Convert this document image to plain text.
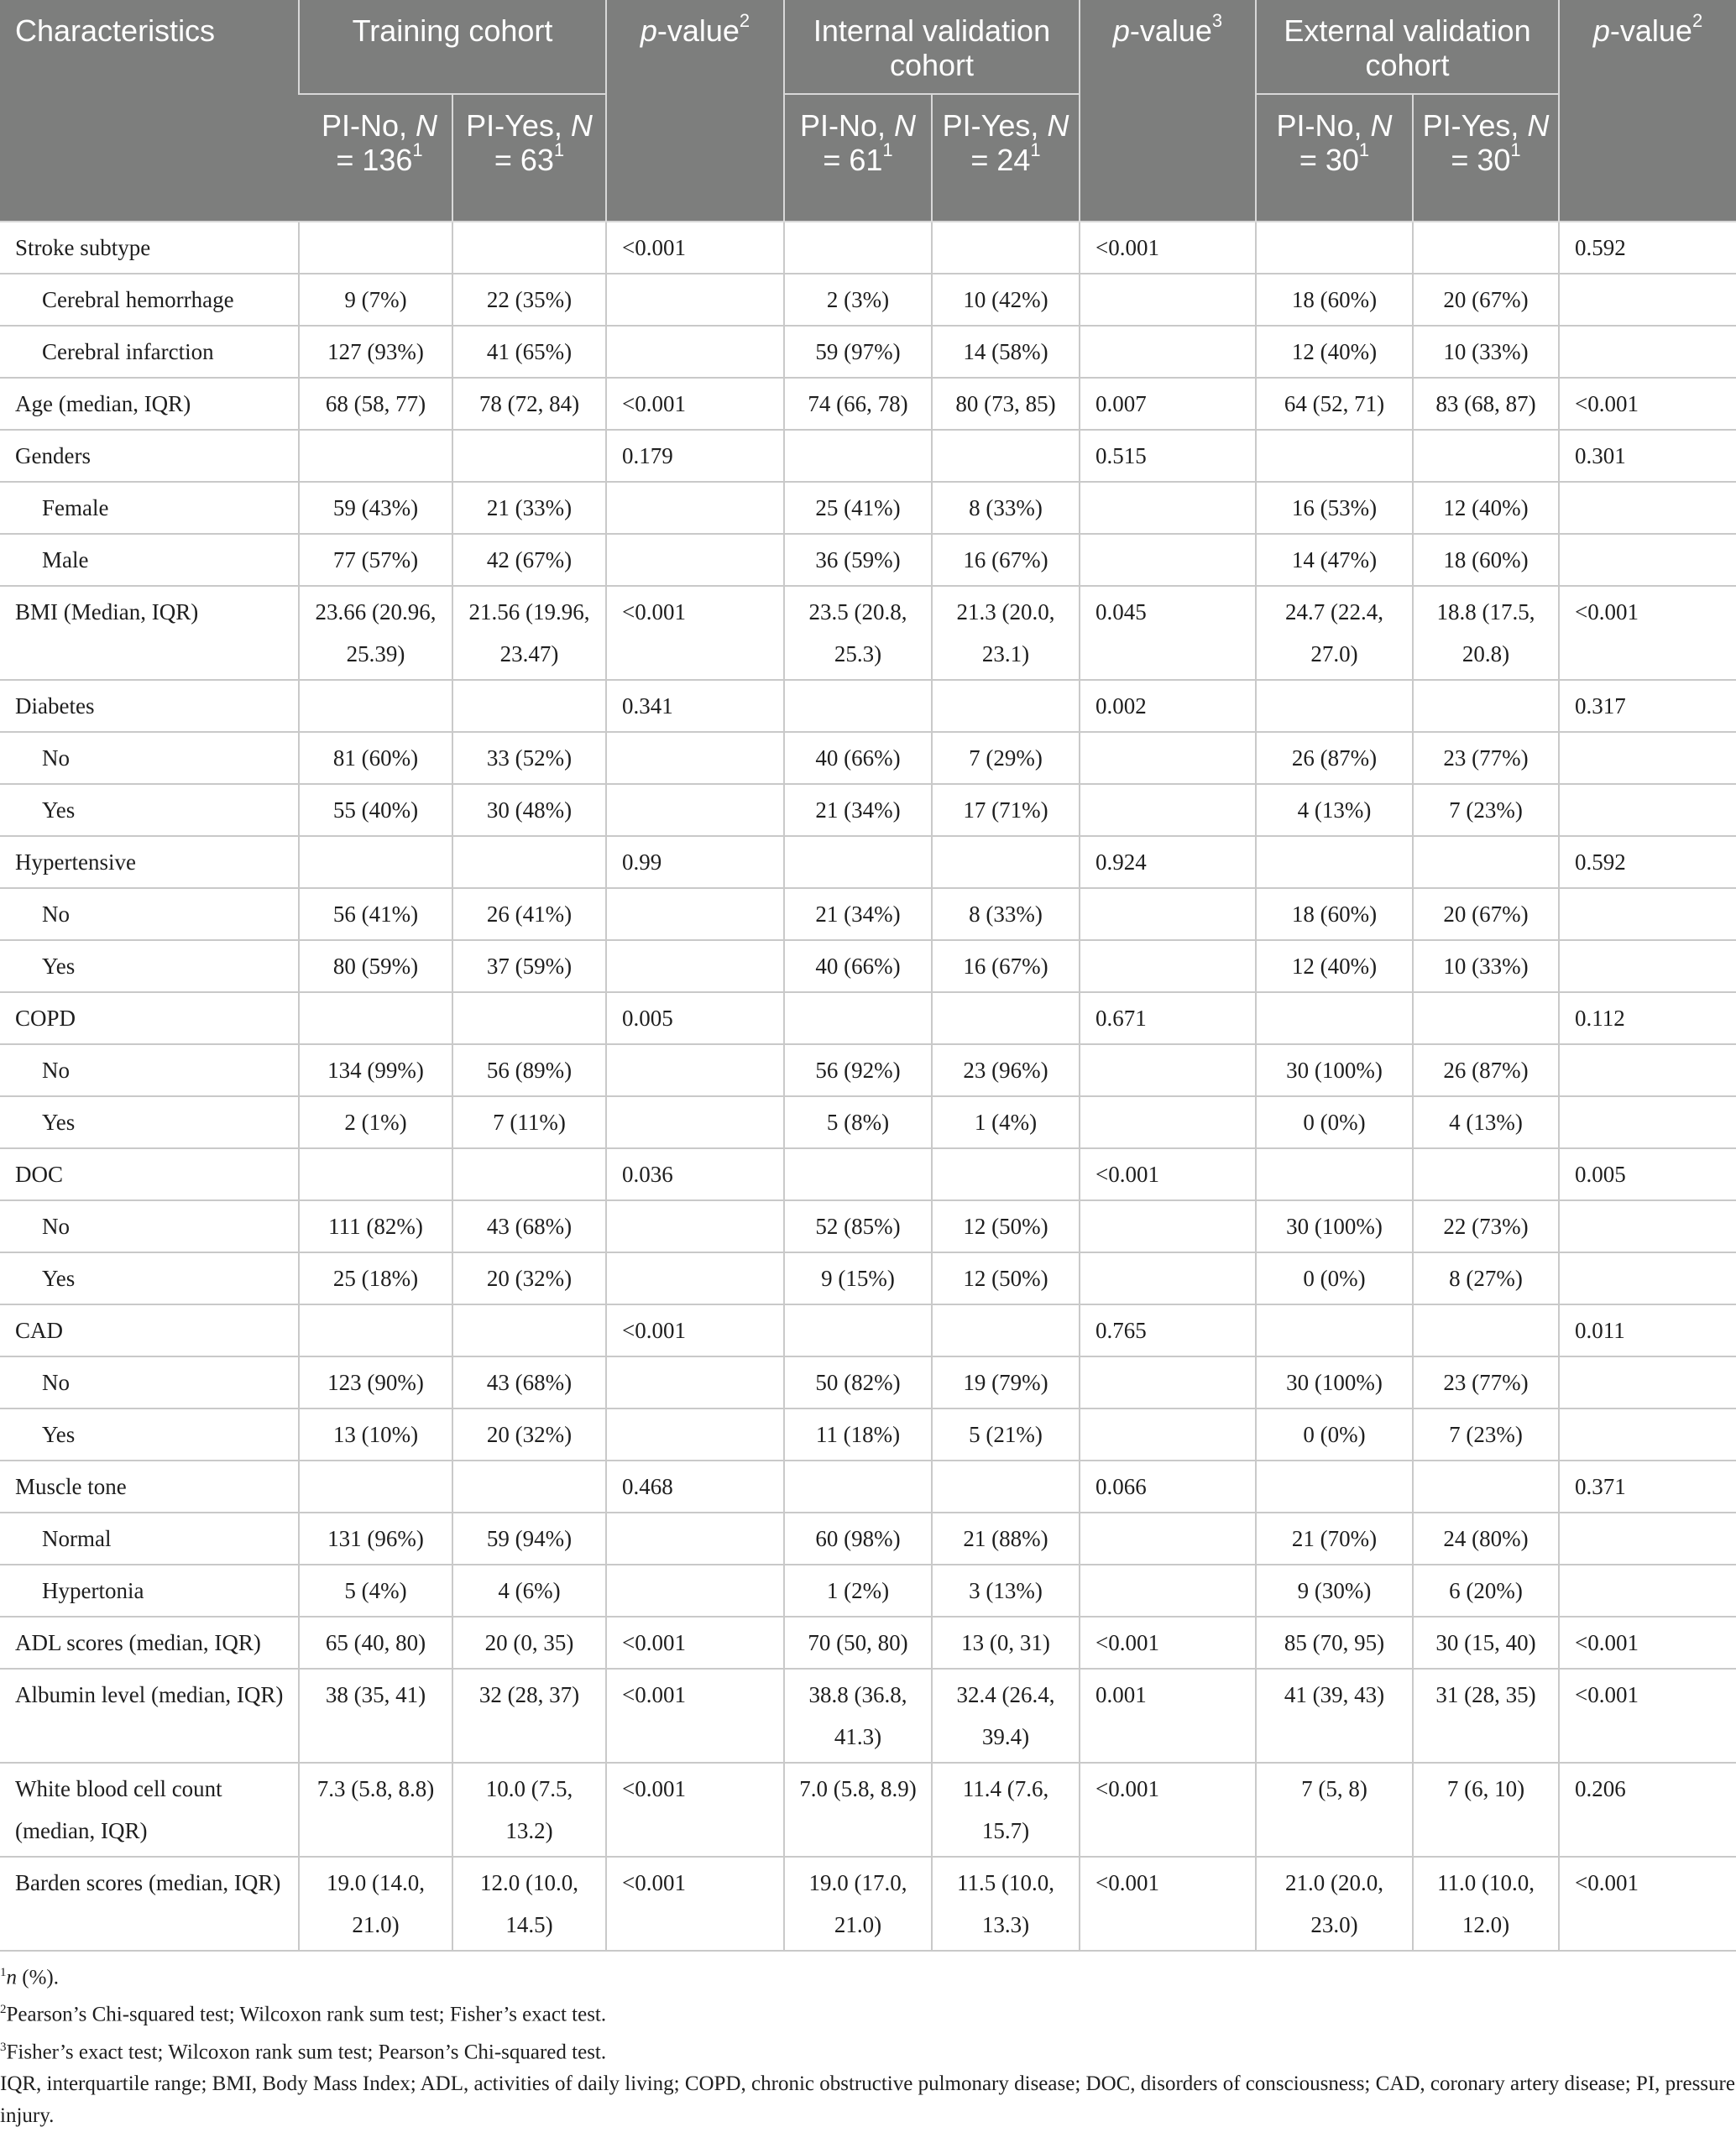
Characteristics	Training cohort		p-value$^2$	Internal validation cohort		p-value$^3$	External validation cohort		p-value$^2$
	PI-No, $N = 136^1$	PI-Yes, $N = 63^1$		PI-No, $N = 61^1$	PI-Yes, $N = 24^1$		PI-No, $N = 30^1$	PI-Yes, $N = 30^1$
Stroke subtype			<0.001			<0.001			0.592
Cerebral hemorrhage	9 (7%)	22 (35%)		2 (3%)	10 (42%)		18 (60%)	20 (67%)	
Cerebral infarction	127 (93%)	41 (65%)		59 (97%)	14 (58%)		12 (40%)	10 (33%)	
Age (median, IQR)	68 (58, 77)	78 (72, 84)	<0.001	74 (66, 78)	80 (73, 85)	0.007	64 (52, 71)	83 (68, 87)	<0.001
Genders			0.179			0.515			0.301
Female	59 (43%)	21 (33%)		25 (41%)	8 (33%)		16 (53%)	12 (40%)	
Male	77 (57%)	42 (67%)		36 (59%)	16 (67%)		14 (47%)	18 (60%)	
BMI (Median, IQR)	23.66 (20.96, 25.39)	21.56 (19.96, 23.47)	<0.001	23.5 (20.8, 25.3)	21.3 (20.0, 23.1)	0.045	24.7 (22.4, 27.0)	18.8 (17.5, 20.8)	<0.001
Diabetes			0.341			0.002			0.317
No	81 (60%)	33 (52%)		40 (66%)	7 (29%)		26 (87%)	23 (77%)	
Yes	55 (40%)	30 (48%)		21 (34%)	17 (71%)		4 (13%)	7 (23%)	
Hypertensive			0.99			0.924			0.592
No	56 (41%)	26 (41%)		21 (34%)	8 (33%)		18 (60%)	20 (67%)	
Yes	80 (59%)	37 (59%)		40 (66%)	16 (67%)		12 (40%)	10 (33%)	
COPD			0.005			0.671			0.112
No	134 (99%)	56 (89%)		56 (92%)	23 (96%)		30 (100%)	26 (87%)	
Yes	2 (1%)	7 (11%)		5 (8%)	1 (4%)		0 (0%)	4 (13%)	
DOC			0.036			<0.001			0.005
No	111 (82%)	43 (68%)		52 (85%)	12 (50%)		30 (100%)	22 (73%)	
Yes	25 (18%)	20 (32%)		9 (15%)	12 (50%)		0 (0%)	8 (27%)	
CAD			<0.001			0.765			0.011
No	123 (90%)	43 (68%)		50 (82%)	19 (79%)		30 (100%)	23 (77%)	
Yes	13 (10%)	20 (32%)		11 (18%)	5 (21%)		0 (0%)	7 (23%)	
Muscle tone			0.468			0.066			0.371
Normal	131 (96%)	59 (94%)		60 (98%)	21 (88%)		21 (70%)	24 (80%)	
Hypertonia	5 (4%)	4 (6%)		1 (2%)	3 (13%)		9 (30%)	6 (20%)	
ADL scores (median, IQR)	65 (40, 80)	20 (0, 35)	<0.001	70 (50, 80)	13 (0, 31)	<0.001	85 (70, 95)	30 (15, 40)	<0.001
Albumin level (median, IQR)	38 (35, 41)	32 (28, 37)	<0.001	38.8 (36.8, 41.3)	32.4 (26.4, 39.4)	0.001	41 (39, 43)	31 (28, 35)	<0.001
White blood cell count (median, IQR)	7.3 (5.8, 8.8)	10.0 (7.5, 13.2)	<0.001	7.0 (5.8, 8.9)	11.4 (7.6, 15.7)	<0.001	7 (5, 8)	7 (6, 10)	0.206
Barden scores (median, IQR)	19.0 (14.0, 21.0)	12.0 (10.0, 14.5)	<0.001	19.0 (17.0, 21.0)	11.5 (10.0, 13.3)	<0.001	21.0 (20.0, 23.0)	11.0 (10.0, 12.0)	<0.001

$^1$n (%).

$^2$Pearson’s Chi-squared test; Wilcoxon rank sum test; Fisher’s exact test.

$^3$Fisher’s exact test; Wilcoxon rank sum test; Pearson’s Chi-squared test.

IQR, interquartile range; BMI, Body Mass Index; ADL, activities of daily living; COPD, chronic obstructive pulmonary disease; DOC, disorders of consciousness; CAD, coronary artery disease; PI, pressure injury.
